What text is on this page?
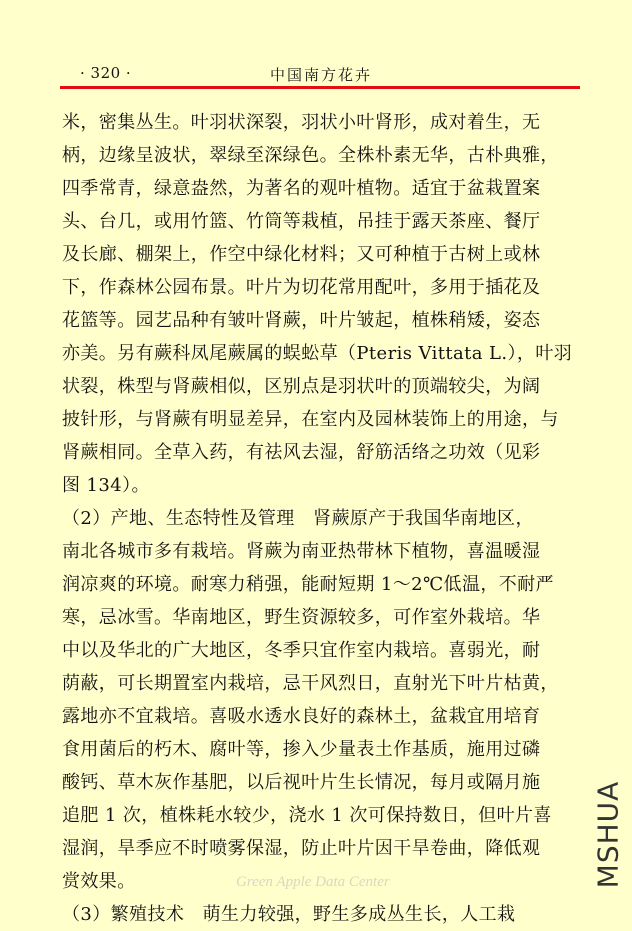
· 320 ·	中国南方花卉
米，密集丛生。叶羽状深裂，羽状小叶肾形，成对着生，无
柄，边缘呈波状，翠绿至深绿色。全株朴素无华，古朴典雅，
四季常青，绿意盎然，为著名的观叶植物。适宜于盆栽置案
头、台几，或用竹篮、竹筒等栽植，吊挂于露天茶座、餐厅
及长廊、棚架上，作空中绿化材料；又可种植于古树上或林
下，作森林公园布景。叶片为切花常用配叶，多用于插花及
花篮等。园艺品种有皱叶肾蕨，叶片皱起，植株稍矮，姿态
亦美。另有蕨科凤尾蕨属的蜈蚣草（Pteris Vittata L.），叶羽
状裂，株型与肾蕨相似，区别点是羽状叶的顶端较尖，为阔
披针形，与肾蕨有明显差异，在室内及园林装饰上的用途，与
肾蕨相同。全草入药，有祛风去湿，舒筋活络之功效（见彩
图 134）。
（2）产地、生态特性及管理　肾蕨原产于我国华南地区，
南北各城市多有栽培。肾蕨为南亚热带林下植物，喜温暖湿
润凉爽的环境。耐寒力稍强，能耐短期 1～2℃低温，不耐严
寒，忌冰雪。华南地区，野生资源较多，可作室外栽培。华
中以及华北的广大地区，冬季只宜作室内栽培。喜弱光，耐
荫蔽，可长期置室内栽培，忌干风烈日，直射光下叶片枯黄，
露地亦不宜栽培。喜吸水透水良好的森林土，盆栽宜用培育
食用菌后的朽木、腐叶等，掺入少量表土作基质，施用过磷
酸钙、草木灰作基肥，以后视叶片生长情况，每月或隔月施
追肥 1 次，植株耗水较少，浇水 1 次可保持数日，但叶片喜
湿润，旱季应不时喷雾保湿，防止叶片因干旱卷曲，降低观
赏效果。
（3）繁殖技术　萌生力较强，野生多成丛生长，人工栽
MSHUA
Green Apple Data Center
